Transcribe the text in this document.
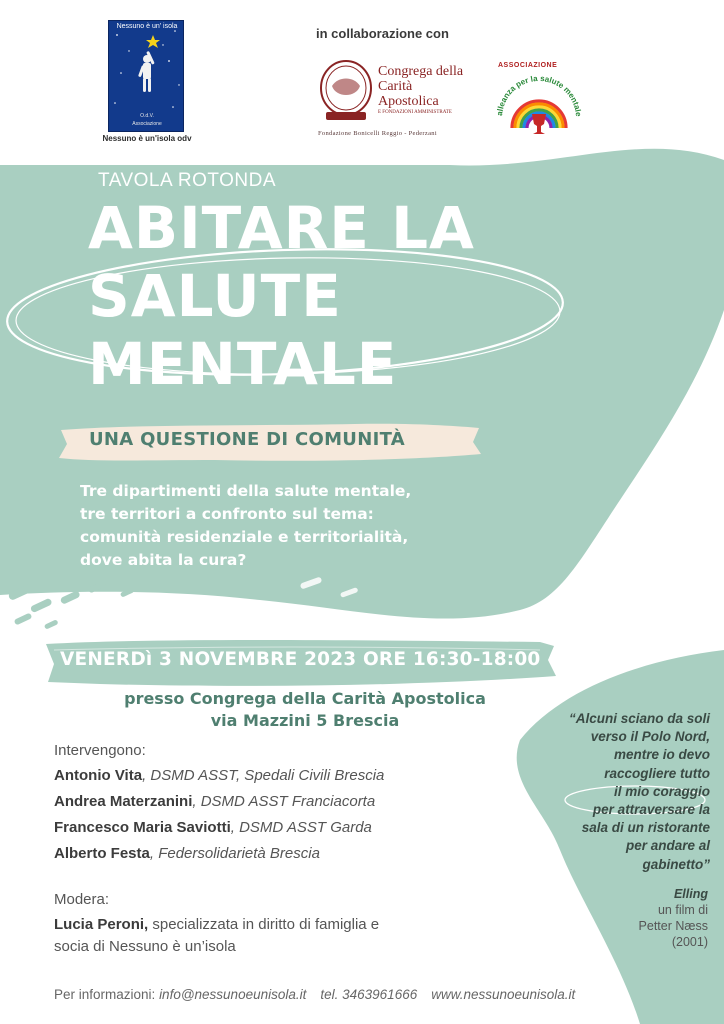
Nessuno è un' isola
O.d.V.
Associazione
Nessuno è un'isola odv
in collaborazione con
Congrega della Carità Apostolica
E FONDAZIONI AMMINISTRATE
Fondazione Bonicelli Reggio - Pederzani
ASSOCIAZIONE
alleanza per la salute mentale
TAVOLA ROTONDA
ABITARE LA
SALUTE
MENTALE
UNA QUESTIONE DI COMUNITÀ
Tre dipartimenti della salute mentale,
tre territori a confronto sul tema:
comunità residenziale e territorialità,
dove abita la cura?
VENERDì 3 NOVEMBRE 2023 ORE 16:30-18:00
presso Congrega della Carità Apostolica
via Mazzini 5 Brescia
Intervengono:
Antonio Vita, DSMD ASST, Spedali Civili Brescia
Andrea Materzanini, DSMD ASST Franciacorta
Francesco Maria Saviotti, DSMD ASST Garda
Alberto Festa, Federsolidarietà Brescia
Modera:
Lucia Peroni, specializzata in diritto di famiglia e
socia di Nessuno è un’isola
“Alcuni sciano da soli
verso il Polo Nord,
mentre io devo
raccogliere tutto
il mio coraggio
per attraversare la
sala di un ristorante
per andare al
gabinetto”
Elling
un film di
Petter Næss
(2001)
Per informazioni: info@nessunoeunisola.it tel. 3463961666 www.nessunoeunisola.it
